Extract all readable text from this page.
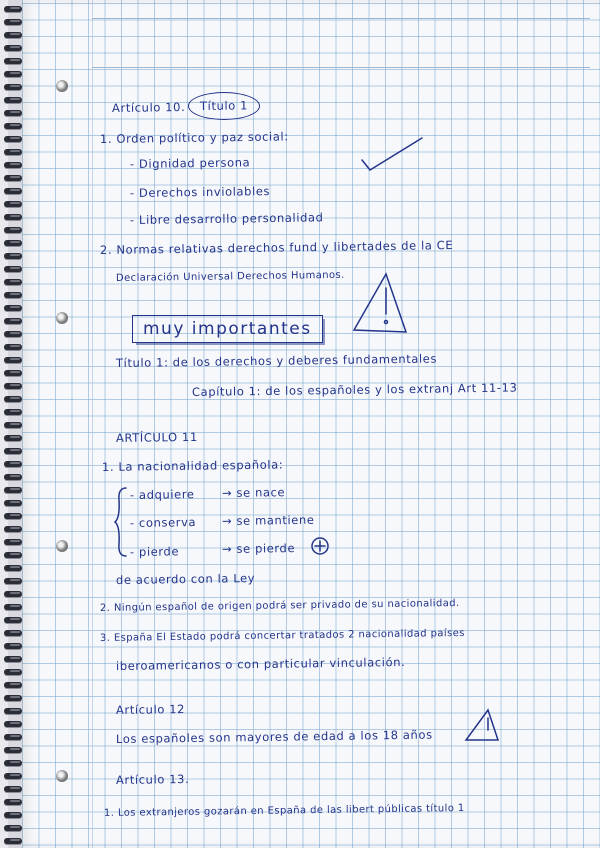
Artículo 10. Título 1

1. Orden político y paz social:

- Dignidad persona

- Derechos inviolables

- Libre desarrollo personalidad

2. Normas relativas derechos fund y libertades de la CE

Declaración Universal Derechos Humanos.

muy importantes

Título 1: de los derechos y deberes fundamentales

Capítulo 1: de los españoles y los extranj Art 11-13

ARTÍCULO 11

1. La nacionalidad española:

- adquiere → se nace

- conserva → se mantiene

- pierde	→ se pierde

de acuerdo con la Ley

2. Ningún español de origen podrá ser privado de su nacionalidad.

3. España El Estado podrá concertar tratados 2 nacionalidad países

iberoamericanos o con particular vinculación.

Artículo 12

Los españoles son mayores de edad a los 18 años

Artículo 13.

1. Los extranjeros gozarán en España de las libert públicas título 1
